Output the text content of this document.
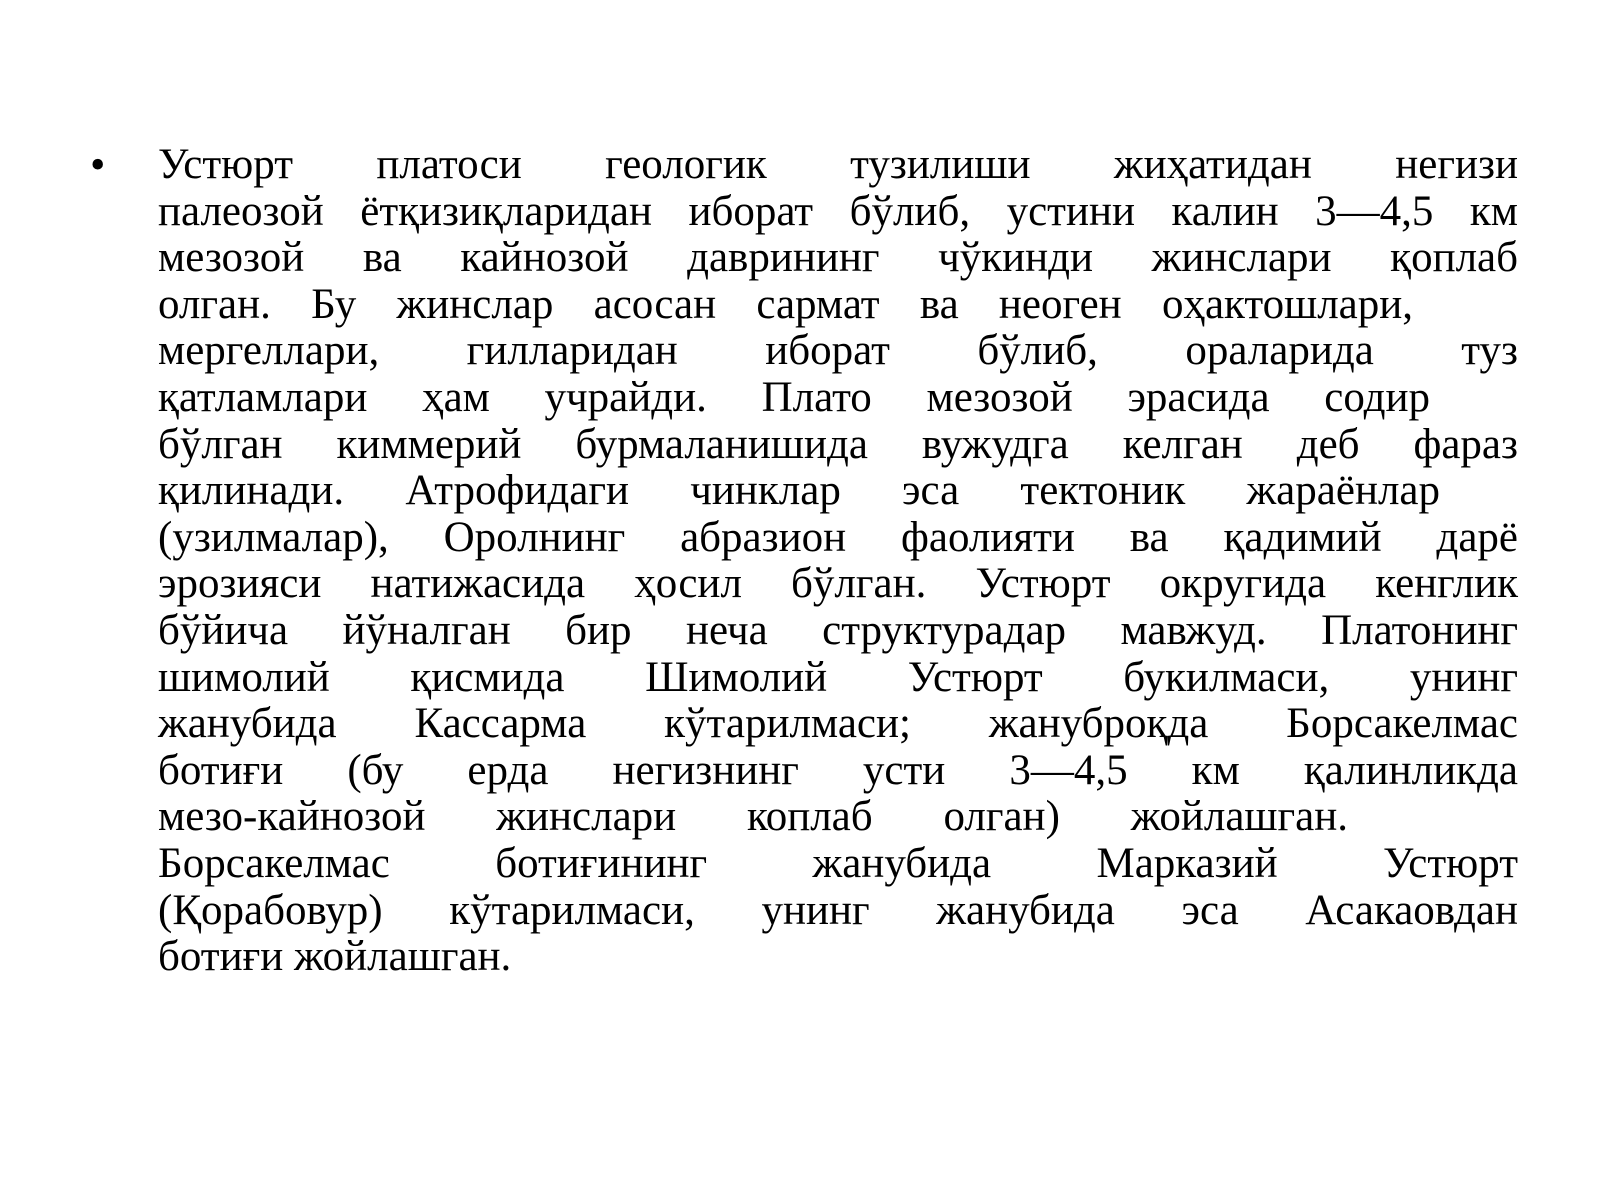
• Устюрт платоси геологик тузилиши жиҳатидан негизи
палеозой ётқизиқларидан иборат бўлиб, устини калин 3—4,5 км
мезозой ва кайнозой даврининг чўкинди жинслари қоплаб
олган. Бу жинслар асосан сармат ва неоген оҳактошлари,
мергеллари, гилларидан иборат бўлиб, ораларида туз
қатламлари ҳам учрайди. Плато мезозой эрасида содир
бўлган киммерий бурмаланишида вужудга келган деб фараз
қилинади. Атрофидаги чинклар эса тектоник жараёнлар
(узилмалар), Оролнинг абразион фаолияти ва қадимий дарё
эрозияси натижасида ҳосил бўлган. Устюрт округида кенглик
бўйича йўналган бир неча структурадар мавжуд. Платонинг
шимолий қисмида Шимолий Устюрт букилмаси, унинг
жанубида Кассарма кўтарилмаси; жануброқда Борсакелмас
ботиғи (бу ерда негизнинг усти 3—4,5 км қалинликда
мезо-кайнозой жинслари коплаб олган) жойлашган.
Борсакелмас ботиғининг жанубида Марказий Устюрт
(Қорабовур) кўтарилмаси, унинг жанубида эса Асакаовдан
ботиғи жойлашган.
